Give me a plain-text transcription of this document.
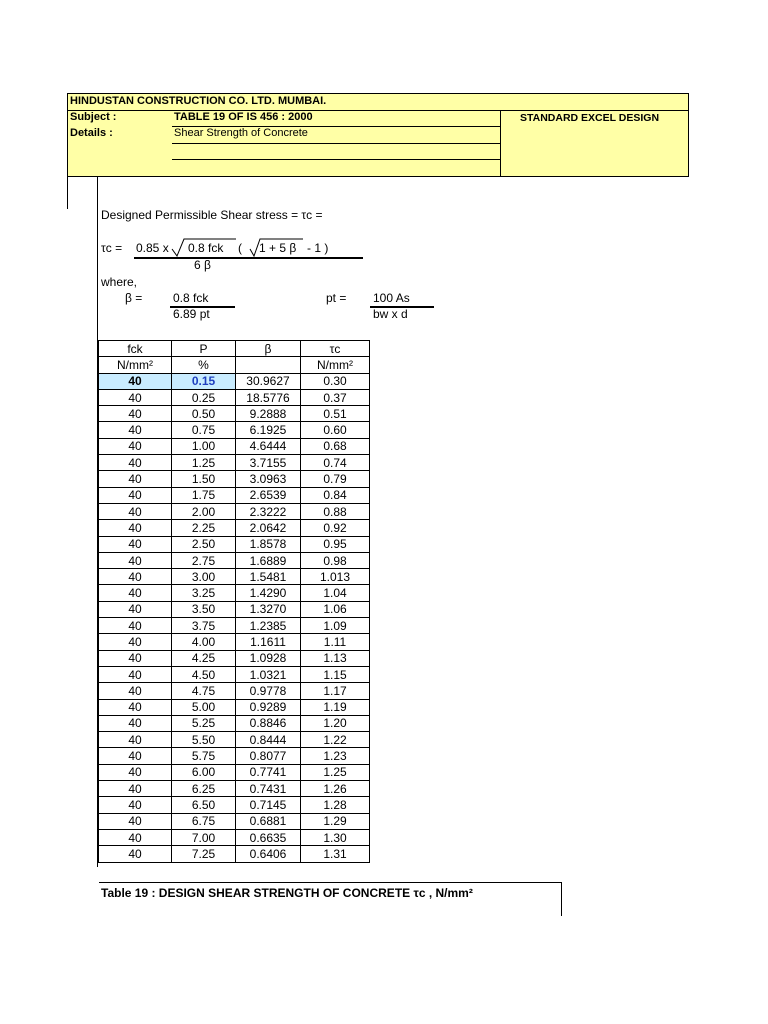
HINDUSTAN CONSTRUCTION CO. LTD. MUMBAI.
Subject :	TABLE 19 OF IS 456 : 2000	STANDARD EXCEL DESIGN
Details :	Shear Strength of Concrete
Designed Permissible Shear stress = τc =
τc = 0.85 x 0.8 fck ( 1 + 5 β - 1 )
6 β
where,
β =	0.8 fck
6.89 pt
pt = 100 As
bw x d
fck	P	β	τc
N/mm²	%		N/mm²
40	0.15	30.9627	0.30
40	0.25	18.5776	0.37
40	0.50	9.2888	0.51
40	0.75	6.1925	0.60
40	1.00	4.6444	0.68
40	1.25	3.7155	0.74
40	1.50	3.0963	0.79
40	1.75	2.6539	0.84
40	2.00	2.3222	0.88
40	2.25	2.0642	0.92
40	2.50	1.8578	0.95
40	2.75	1.6889	0.98
40	3.00	1.5481	1.013
40	3.25	1.4290	1.04
40	3.50	1.3270	1.06
40	3.75	1.2385	1.09
40	4.00	1.1611	1.11
40	4.25	1.0928	1.13
40	4.50	1.0321	1.15
40	4.75	0.9778	1.17
40	5.00	0.9289	1.19
40	5.25	0.8846	1.20
40	5.50	0.8444	1.22
40	5.75	0.8077	1.23
40	6.00	0.7741	1.25
40	6.25	0.7431	1.26
40	6.50	0.7145	1.28
40	6.75	0.6881	1.29
40	7.00	0.6635	1.30
40	7.25	0.6406	1.31
Table 19 : DESIGN SHEAR STRENGTH OF CONCRETE τc , N/mm²
